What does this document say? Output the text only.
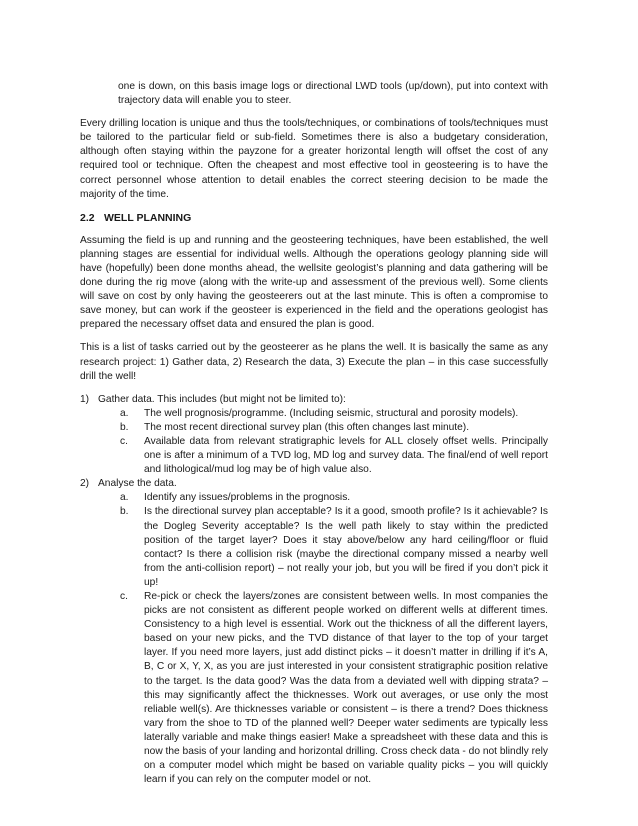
one is down, on this basis image logs or directional LWD tools (up/down), put into context with trajectory data will enable you to steer.

Every drilling location is unique and thus the tools/techniques, or combinations of tools/techniques must be tailored to the particular field or sub-field. Sometimes there is also a budgetary consideration, although often staying within the payzone for a greater horizontal length will offset the cost of any required tool or technique. Often the cheapest and most effective tool in geosteering is to have the correct personnel whose attention to detail enables the correct steering decision to be made the majority of the time.

2.2 WELL PLANNING

Assuming the field is up and running and the geosteering techniques, have been established, the well planning stages are essential for individual wells. Although the operations geology planning side will have (hopefully) been done months ahead, the wellsite geologist’s planning and data gathering will be done during the rig move (along with the write-up and assessment of the previous well). Some clients will save on cost by only having the geosteerers out at the last minute. This is often a compromise to save money, but can work if the geosteer is experienced in the field and the operations geologist has prepared the necessary offset data and ensured the plan is good.

This is a list of tasks carried out by the geosteerer as he plans the well. It is basically the same as any research project: 1) Gather data, 2) Research the data, 3) Execute the plan – in this case successfully drill the well!

1) Gather data. This includes (but might not be limited to):
a. The well prognosis/programme. (Including seismic, structural and porosity models).
b. The most recent directional survey plan (this often changes last minute).
c. Available data from relevant stratigraphic levels for ALL closely offset wells. Principally one is after a minimum of a TVD log, MD log and survey data. The final/end of well report and lithological/mud log may be of high value also.
2) Analyse the data.
a. Identify any issues/problems in the prognosis.
b. Is the directional survey plan acceptable? Is it a good, smooth profile? Is it achievable? Is the Dogleg Severity acceptable? Is the well path likely to stay within the predicted position of the target layer? Does it stay above/below any hard ceiling/floor or fluid contact? Is there a collision risk (maybe the directional company missed a nearby well from the anti-collision report) – not really your job, but you will be fired if you don’t pick it up!
c. Re-pick or check the layers/zones are consistent between wells. In most companies the picks are not consistent as different people worked on different wells at different times. Consistency to a high level is essential. Work out the thickness of all the different layers, based on your new picks, and the TVD distance of that layer to the top of your target layer. If you need more layers, just add distinct picks – it doesn’t matter in drilling if it’s A, B, C or X, Y, X, as you are just interested in your consistent stratigraphic position relative to the target. Is the data good? Was the data from a deviated well with dipping strata? – this may significantly affect the thicknesses. Work out averages, or use only the most reliable well(s). Are thicknesses variable or consistent – is there a trend? Does thickness vary from the shoe to TD of the planned well? Deeper water sediments are typically less laterally variable and make things easier! Make a spreadsheet with these data and this is now the basis of your landing and horizontal drilling. Cross check data - do not blindly rely on a computer model which might be based on variable quality picks – you will quickly learn if you can rely on the computer model or not.
